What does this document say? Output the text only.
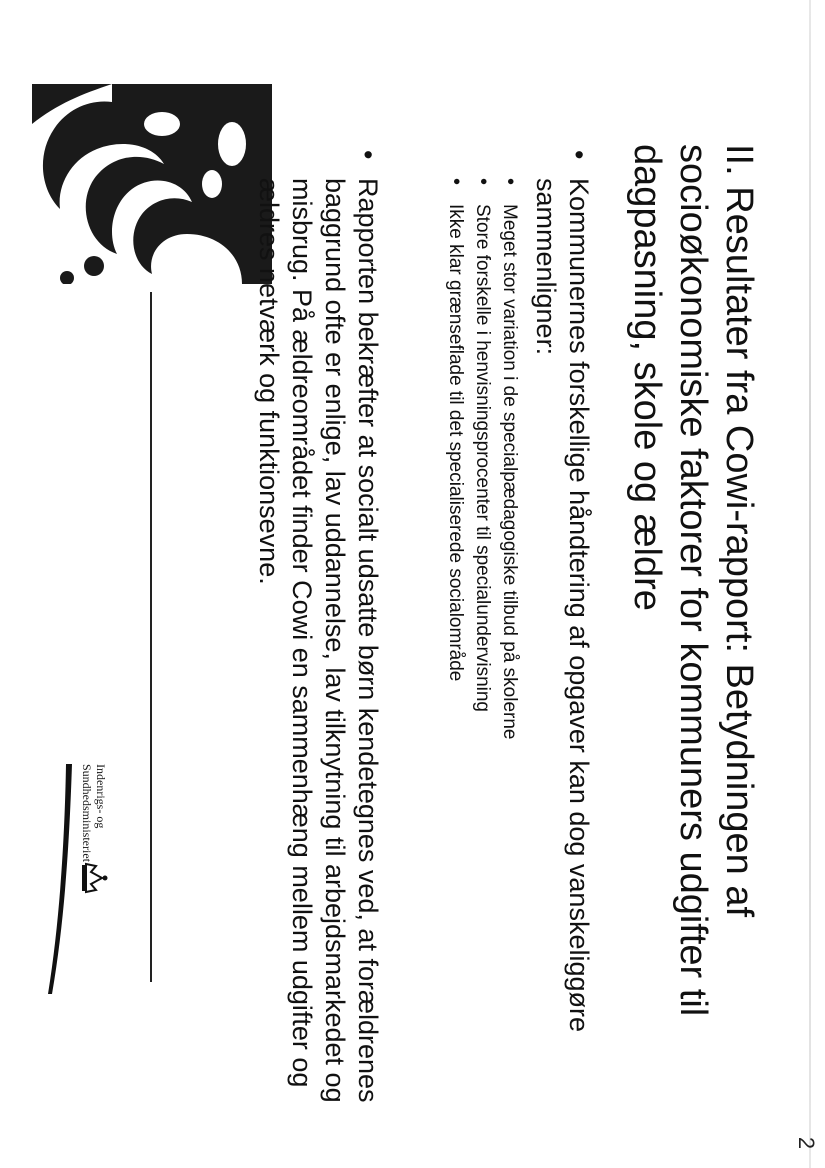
II. Resultater fra Cowi-rapport: Betydningen af socioøkonomiske faktorer for kommuners udgifter til dagpasning, skole og ældre
•
Kommunernes forskellige håndtering af opgaver kan dog vanskeliggøre sammenligner:
•
Meget stor variation i de specialpædagogiske tilbud på skolerne
•
Store forskelle i henvisningsprocenter til specialundervisning
•
Ikke klar grænseflade til det specialiserede socialområde
•
Rapporten bekræfter at socialt udsatte børn kendetegnes ved, at forældrenes baggrund ofte er enlige, lav uddannelse, lav tilknytning til arbejdsmarkedet og misbrug. På ældreområdet finder Cowi en sammenhæng mellem udgifter og ældres netværk og funktionsevne.
Indenrigs- og
Sundhedsministeriet
2
